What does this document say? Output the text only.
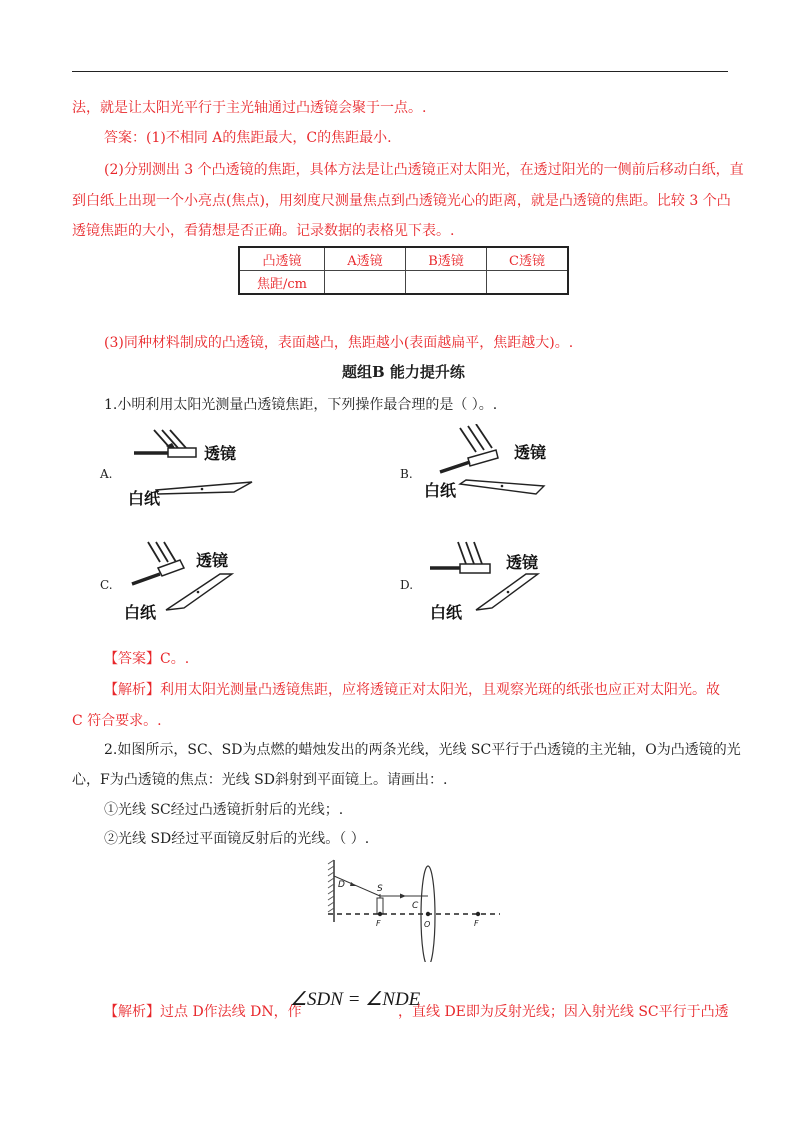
法，就是让太阳光平行于主光轴通过凸透镜会聚于一点。.
答案：(1)不相同 A的焦距最大，C的焦距最小.
(2)分别测出 3 个凸透镜的焦距，具体方法是让凸透镜正对太阳光，在透过阳光的一侧前后移动白纸，直
到白纸上出现一个小亮点(焦点)，用刻度尺测量焦点到凸透镜光心的距离，就是凸透镜的焦距。比较 3 个凸
透镜焦距的大小，看猜想是否正确。记录数据的表格见下表。.
凸透镜	A透镜	B透镜	C透镜
焦距/cm			
(3)同种材料制成的凸透镜，表面越凸，焦距越小(表面越扁平，焦距越大)。.
题组B 能力提升练
1.小明利用太阳光测量凸透镜焦距，下列操作最合理的是（ ）。.
A.
透镜
白纸
B.
透镜
白纸
C.
透镜
白纸
D.
透镜
白纸
【答案】C。.
【解析】利用太阳光测量凸透镜焦距，应将透镜正对太阳光，且观察光斑的纸张也应正对太阳光。故
C 符合要求。.
2.如图所示，SC、SD为点燃的蜡烛发出的两条光线，光线 SC平行于凸透镜的主光轴，O为凸透镜的光
心，F为凸透镜的焦点：光线 SD斜射到平面镜上。请画出：.
①光线 SC经过凸透镜折射后的光线；.
②光线 SD经过平面镜反射后的光线。（ ）.
D	S
C
F	O	F
【解析】过点 D作法线 DN，作
∠SDN = ∠NDE
，直线 DE即为反射光线；因入射光线 SC平行于凸透
